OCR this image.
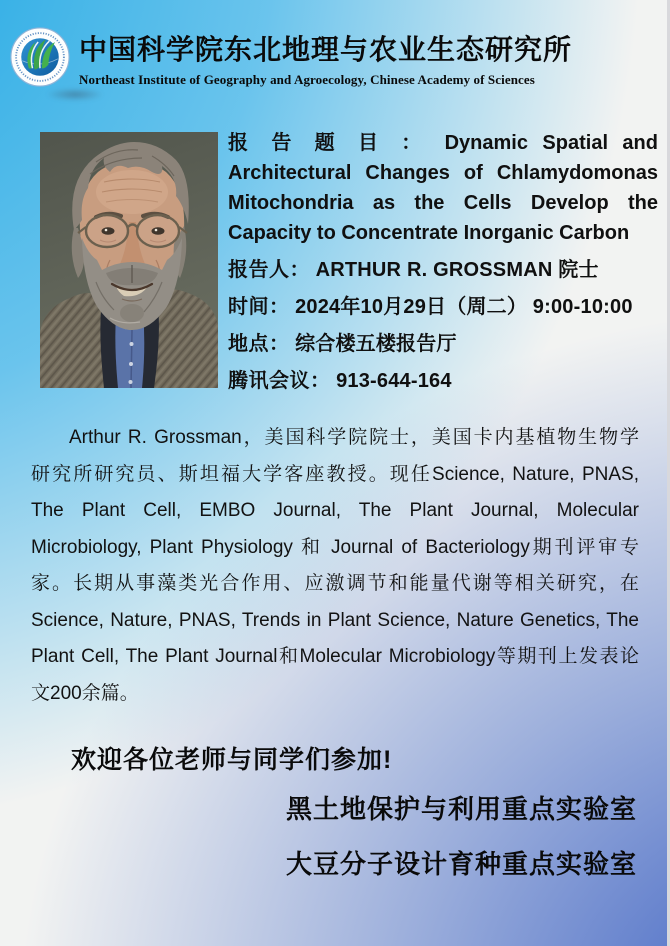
中国科学院东北地理与农业生态研究所
Northeast Institute of Geography and Agroecology, Chinese Academy of Sciences
报 告 题 目 ： Dynamic Spatial and
Architectural Changes of Chlamydomonas
Mitochondria as the Cells Develop the
Capacity to Concentrate Inorganic Carbon
报告人： ARTHUR R. GROSSMAN 院士
时间： 2024年10月29日（周二） 9:00-10:00
地点： 综合楼五楼报告厅
腾讯会议： 913-644-164
Arthur R. Grossman，美国科学院院士，美国卡内基植物生物学
研究所研究员、斯坦福大学客座教授。现任Science, Nature, PNAS,
The Plant Cell, EMBO Journal, The Plant Journal, Molecular
Microbiology, Plant Physiology 和 Journal of Bacteriology期刊评审专
家。长期从事藻类光合作用、应激调节和能量代谢等相关研究，在
Science, Nature, PNAS, Trends in Plant Science, Nature Genetics, The
Plant Cell, The Plant Journal和Molecular Microbiology等期刊上发表论
文200余篇。
欢迎各位老师与同学们参加!
黑土地保护与利用重点实验室
大豆分子设计育种重点实验室
